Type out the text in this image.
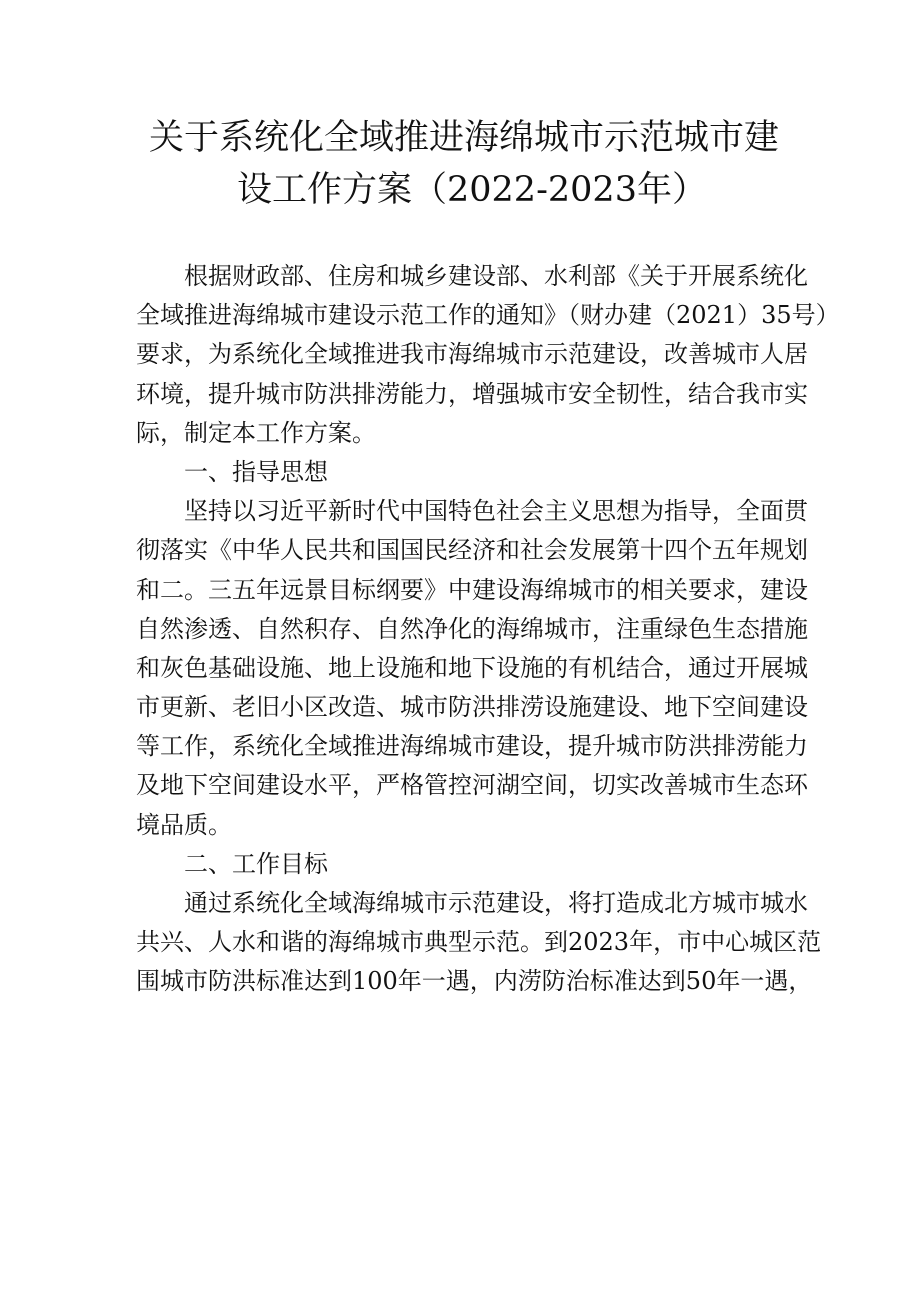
关于系统化全域推进海绵城市示范城市建
设工作方案（2022-2023年）
根据财政部、住房和城乡建设部、水利部《关于开展系统化
全域推进海绵城市建设示范工作的通知》（财办建（2021）35号）
要求，为系统化全域推进我市海绵城市示范建设，改善城市人居
环境，提升城市防洪排涝能力，增强城市安全韧性，结合我市实
际，制定本工作方案。
一、指导思想
坚持以习近平新时代中国特色社会主义思想为指导，全面贯
彻落实《中华人民共和国国民经济和社会发展第十四个五年规划
和二。三五年远景目标纲要》中建设海绵城市的相关要求，建设
自然渗透、自然积存、自然净化的海绵城市，注重绿色生态措施
和灰色基础设施、地上设施和地下设施的有机结合，通过开展城
市更新、老旧小区改造、城市防洪排涝设施建设、地下空间建设
等工作，系统化全域推进海绵城市建设，提升城市防洪排涝能力
及地下空间建设水平，严格管控河湖空间，切实改善城市生态环
境品质。
二、工作目标
通过系统化全域海绵城市示范建设，将打造成北方城市城水
共兴、人水和谐的海绵城市典型示范。到2023年，市中心城区范
围城市防洪标准达到100年一遇，内涝防治标准达到50年一遇，
